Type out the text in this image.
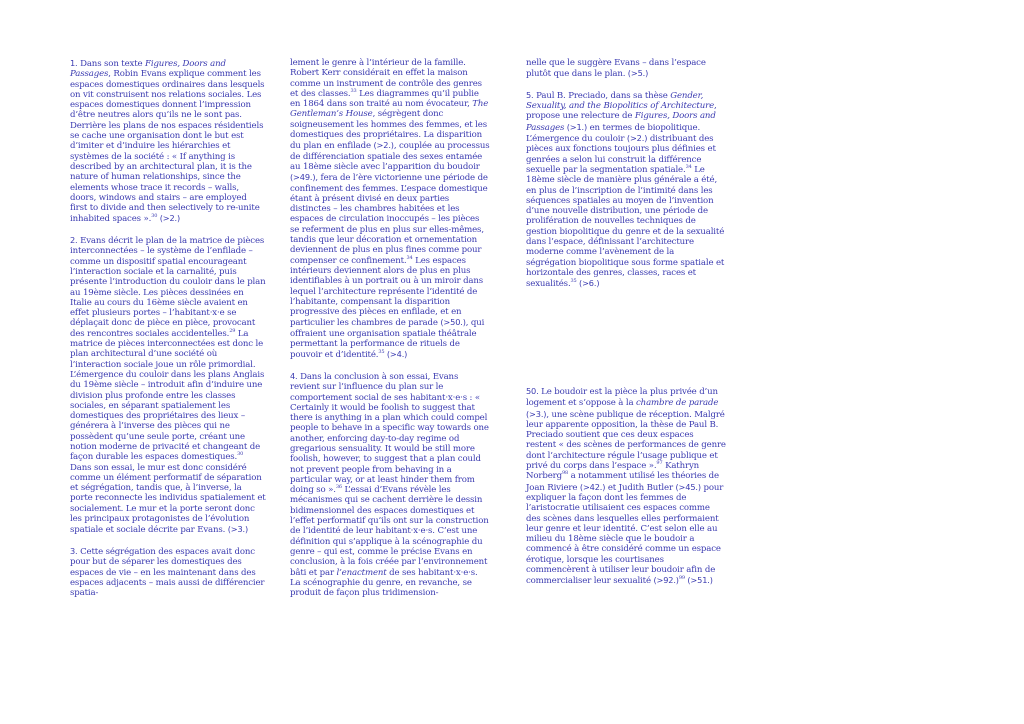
1. Dans son texte Figures, Doors and Passages, Robin Evans explique comment les espaces domestiques ordinaires dans lesquels on vit construisent nos relations sociales. Les espaces domestiques donnent l’impression d’être neutres alors qu’ils ne le sont pas. Derrière les plans de nos espaces résidentiels se cache une organisation dont le but est d’imiter et d’induire les hiérarchies et systèmes de la société : « If anything is described by an architectural plan, it is the nature of human relationships, since the elements whose trace it records – walls, doors, windows and stairs – are employed first to divide and then selectively to re-unite inhabited spaces ».$^{30}$ (>2.)

2. Evans décrit le plan de la matrice de pièces interconnectées – le système de l’enfilade – comme un dispositif spatial encourageant l’interaction sociale et la carnalité, puis présente l’introduction du couloir dans le plan au 19ème siècle. Les pièces dessinées en Italie au cours du 16ème siècle avaient en effet plusieurs portes – l’habitant·x·e se déplaçait donc de pièce en pièce, provocant des rencontres sociales accidentelles.$^{29}$ La matrice de pièces interconnectées est donc le plan architectural d’une société où l’interaction sociale joue un rôle primordial. L’émergence du couloir dans les plans Anglais du 19ème siècle – introduit afin d’induire une division plus profonde entre les classes sociales, en séparant spatialement les domestiques des propriétaires des lieux – générera à l’inverse des pièces qui ne possèdent qu’une seule porte, créant une notion moderne de privacité et changeant de façon durable les espaces domestiques.$^{30}$ Dans son essai, le mur est donc considéré comme un élément performatif de séparation et ségrégation, tandis que, à l’inverse, la porte reconnecte les individus spatialement et socialement. Le mur et la porte seront donc les principaux protagonistes de l’évolution spatiale et sociale décrite par Evans. (>3.)

3. Cette ségrégation des espaces avait donc pour but de séparer les domestiques des espaces de vie – en les maintenant dans des espaces adjacents – mais aussi de différencier spatia-

lement le genre à l’intérieur de la famille. Robert Kerr considérait en effet la maison comme un instrument de contrôle des genres et des classes.$^{33}$ Les diagrammes qu’il publie en 1864 dans son traité au nom évocateur, The Gentleman’s House, ségrègent donc soigneusement les hommes des femmes, et les domestiques des propriétaires. La disparition du plan en enfilade (>2.), couplée au processus de différenciation spatiale des sexes entamée au 18ème siècle avec l’apparition du boudoir (>49.), fera de l’ère victorienne une période de confinement des femmes. L’espace domestique étant à présent divisé en deux parties distinctes – les chambres habitées et les espaces de circulation inoccupés – les pièces se referment de plus en plus sur elles-mêmes, tandis que leur décoration et ornementation deviennent de plus en plus fines comme pour compenser ce confinement.$^{34}$ Les espaces intérieurs deviennent alors de plus en plus identifiables à un portrait ou à un miroir dans lequel l’architecture représente l’identité de l’habitante, compensant la disparition progressive des pièces en enfilade, et en particulier les chambres de parade (>50.), qui offraient une organisation spatiale théâtrale permettant la performance de rituels de pouvoir et d’identité.$^{35}$ (>4.)

4. Dans la conclusion à son essai, Evans revient sur l’influence du plan sur le comportement social de ses habitant·x·e·s : « Certainly it would be foolish to suggest that there is anything in a plan which could compel people to behave in a specific way towards one another, enforcing day-to-day regime od gregarious sensuality. It would be still more foolish, however, to suggest that a plan could not prevent people from behaving in a particular way, or at least hinder them from doing so ».$^{36}$ L’essai d’Evans révèle les mécanismes qui se cachent derrière le dessin bidimensionnel des espaces domestiques et l’effet performatif qu’ils ont sur la construction de l’identité de leur habitant·x·e·s. C’est une définition qui s’applique à la scénographie du genre – qui est, comme le précise Evans en conclusion, à la fois créée par l’environnement bâti et par l’enactment de ses habitant·x·e·s. La scénographie du genre, en revanche, se produit de façon plus tridimension-

nelle que le suggère Evans – dans l’espace plutôt que dans le plan. (>5.)

5. Paul B. Preciado, dans sa thèse Gender, Sexuality, and the Biopolitics of Architecture, propose une relecture de Figures, Doors and Passages (>1.) en termes de biopolitique. L’émergence du couloir (>2.) distribuant des pièces aux fonctions toujours plus définies et genrées a selon lui construit la différence sexuelle par la segmentation spatiale.$^{34}$ Le 18ème siècle de manière plus générale a été, en plus de l’inscription de l’intimité dans les séquences spatiales au moyen de l’invention d’une nouvelle distribution, une période de prolifération de nouvelles techniques de gestion biopolitique du genre et de la sexualité dans l’espace, définissant l’architecture moderne comme l’avènement de la ségrégation biopolitique sous forme spatiale et horizontale des genres, classes, races et sexualités.$^{35}$ (>6.)

50. Le boudoir est la pièce la plus privée d’un logement et s’oppose à la chambre de parade (>3.), une scène publique de réception. Malgré leur apparente opposition, la thèse de Paul B. Preciado soutient que ces deux espaces restent « des scènes de performances de genre dont l’architecture régule l’usage publique et privé du corps dans l’espace ».$^{97}$ Kathryn Norberg$^{98}$ a notamment utilisé les théories de Joan Riviere (>42.) et Judith Butler (>45.) pour expliquer la façon dont les femmes de l’aristocratie utilisaient ces espaces comme des scènes dans lesquelles elles performaient leur genre et leur identité. C’est selon elle au milieu du 18ème siècle que le boudoir a commencé à être considéré comme un espace érotique, lorsque les courtisanes commencèrent à utiliser leur boudoir afin de commercialiser leur sexualité (>92.)$^{99}$ (>51.)
